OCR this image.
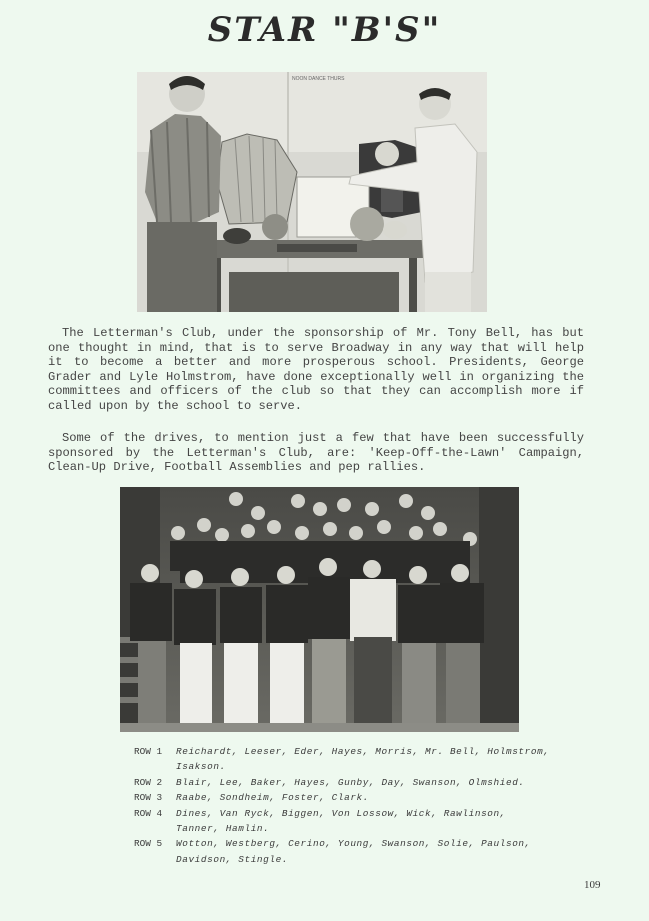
STAR "B'S"
NOON DANCE THURS
The Letterman's Club, under the sponsorship of Mr. Tony Bell, has but one thought in mind, that is to serve Broadway in any way that will help it to become a better and more prosperous school. Presidents, George Grader and Lyle Holmstrom, have done exceptionally well in organizing the committees and officers of the club so that they can accomplish more if called upon by the school to serve.
Some of the drives, to mention just a few that have been successfully sponsored by the Letterman's Club, are: 'Keep-Off-the-Lawn' Campaign, Clean-Up Drive, Football Assemblies and pep rallies.
ROW 1	Reichardt, Leeser, Eder, Hayes, Morris, Mr. Bell, Holmstrom, Isakson.
ROW 2	Blair, Lee, Baker, Hayes, Gunby, Day, Swanson, Olmshied.
ROW 3	Raabe, Sondheim, Foster, Clark.
ROW 4	Dines, Van Ryck, Biggen, Von Lossow, Wick, Rawlinson, Tanner, Hamlin.
ROW 5	Wotton, Westberg, Cerino, Young, Swanson, Solie, Paulson, Davidson, Stingle.
109
